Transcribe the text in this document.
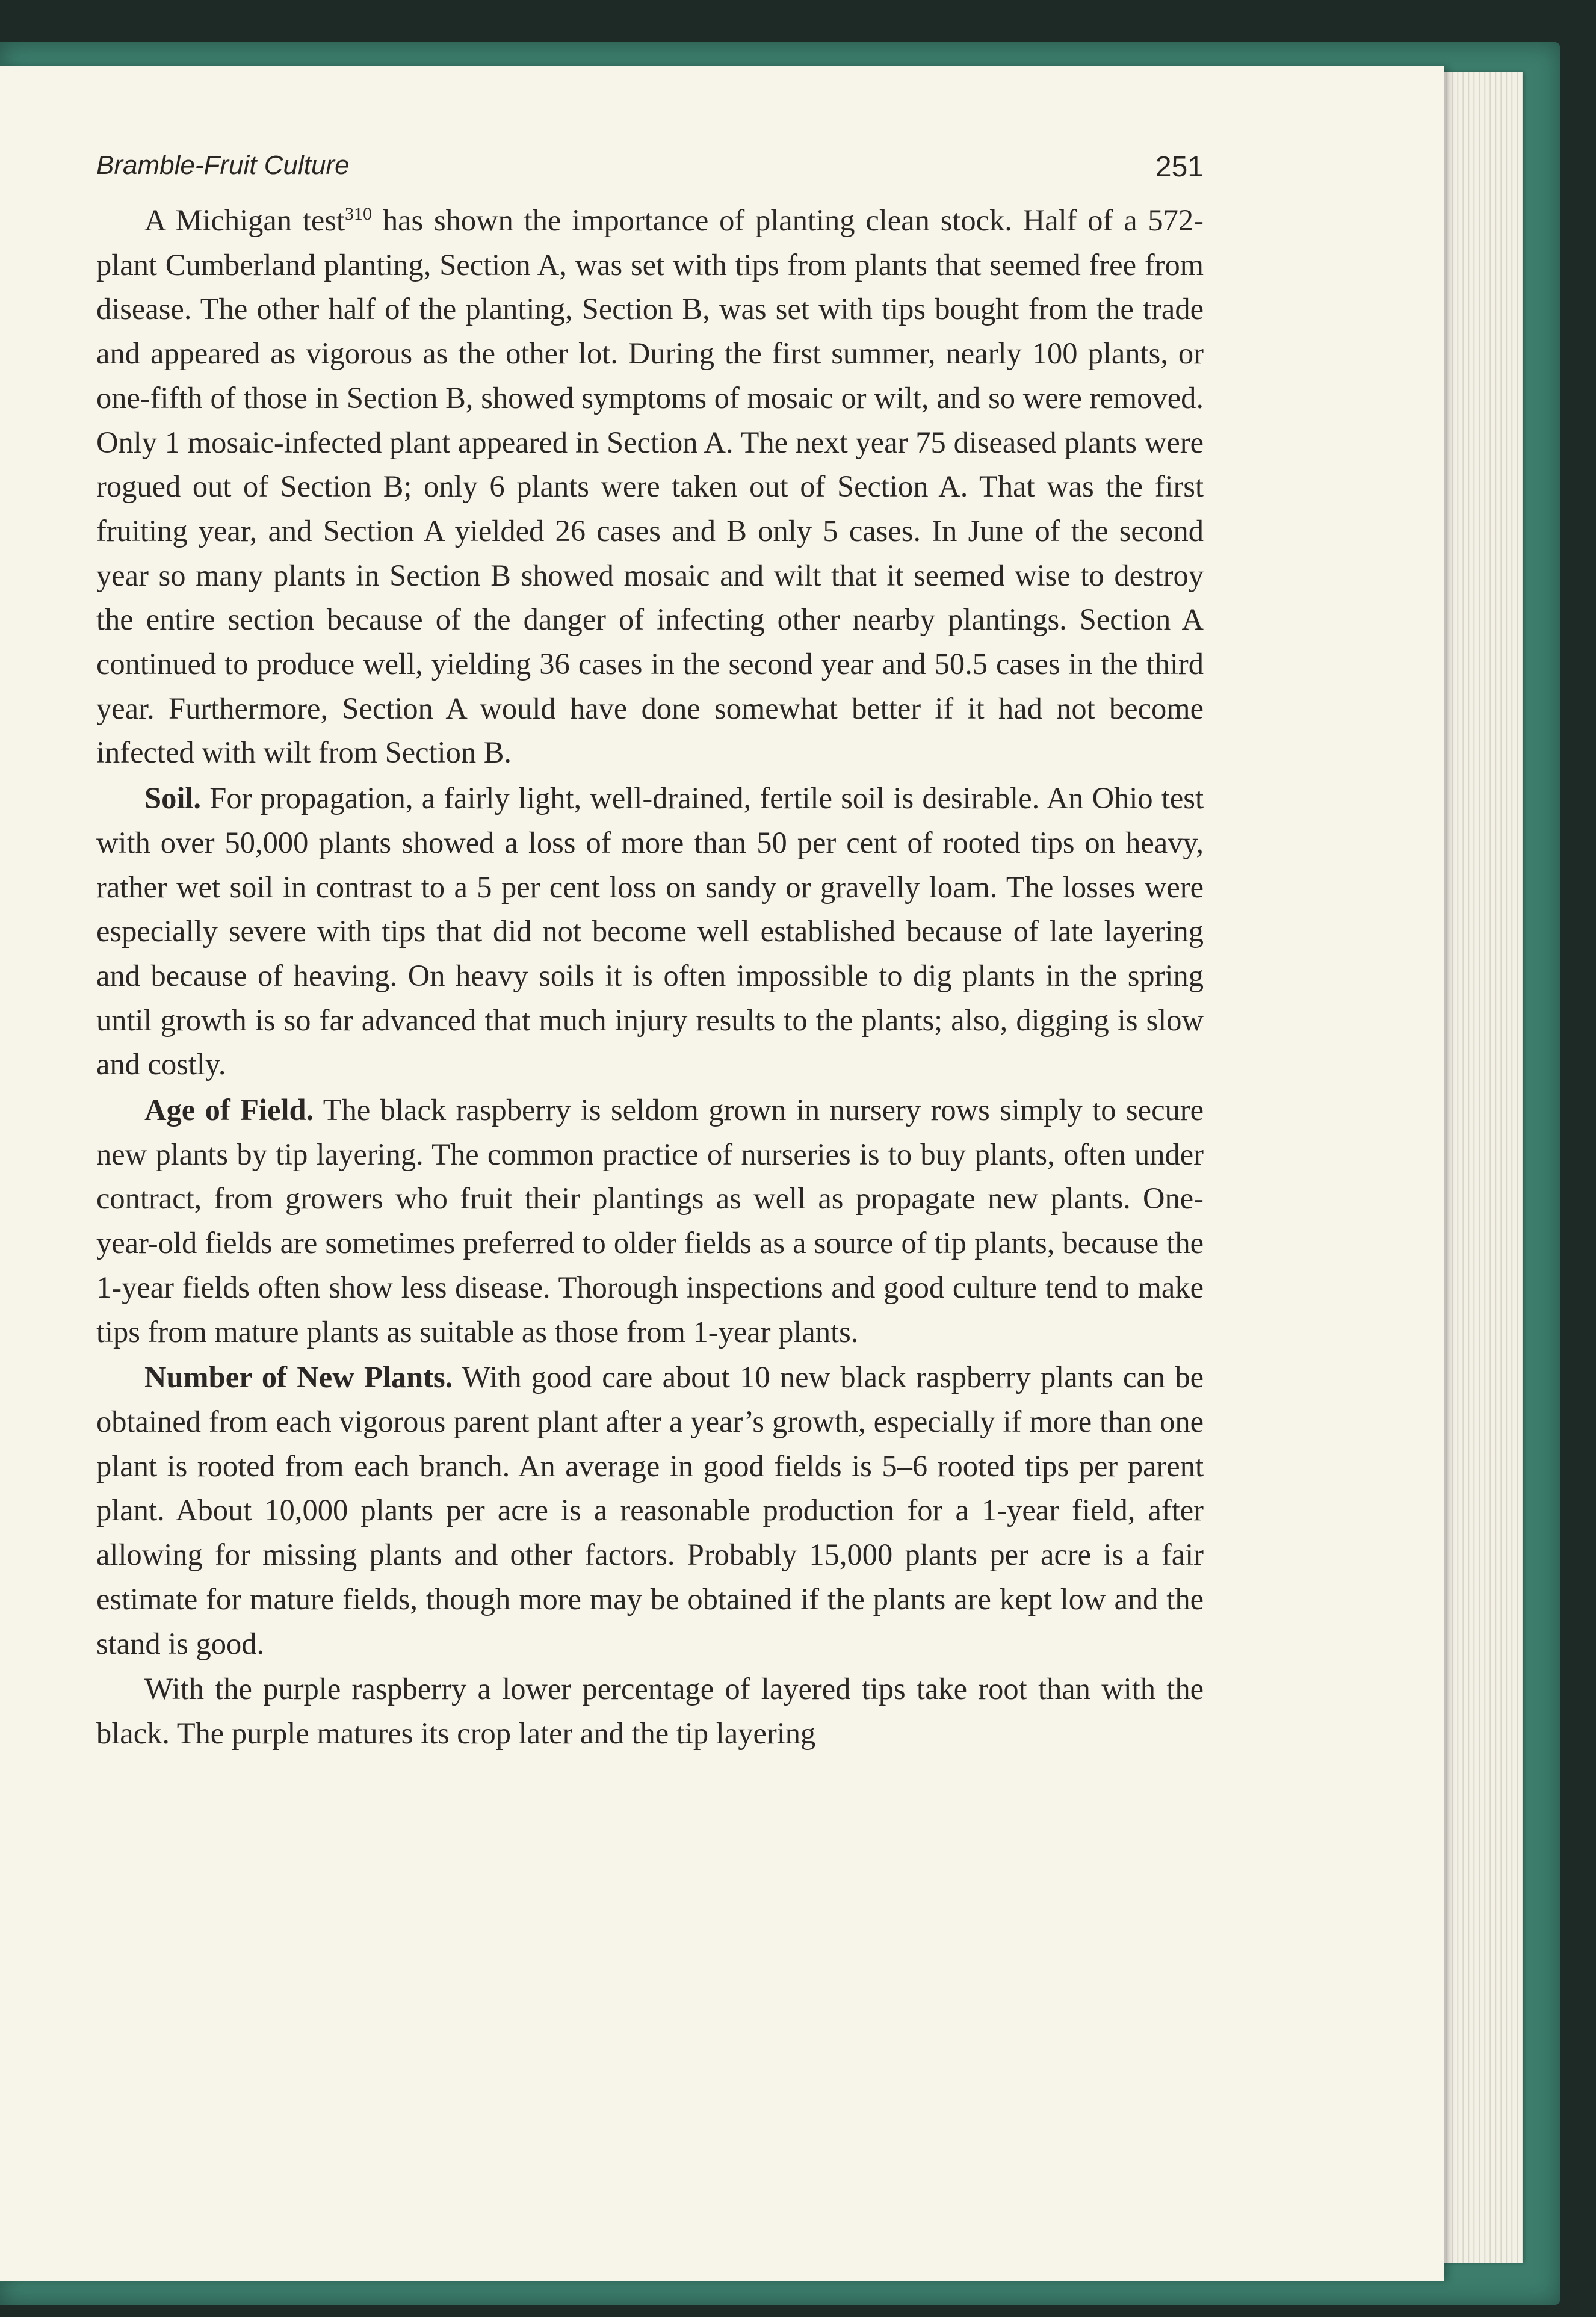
Bramble-Fruit Culture	251

A Michigan test$^{310}$ has shown the importance of planting clean stock. Half of a 572-plant Cumberland planting, Section A, was set with tips from plants that seemed free from disease. The other half of the planting, Section B, was set with tips bought from the trade and appeared as vigorous as the other lot. During the first summer, nearly 100 plants, or one-fifth of those in Section B, showed symptoms of mosaic or wilt, and so were removed. Only 1 mosaic-infected plant appeared in Section A. The next year 75 diseased plants were rogued out of Section B; only 6 plants were taken out of Section A. That was the first fruiting year, and Section A yielded 26 cases and B only 5 cases. In June of the second year so many plants in Section B showed mosaic and wilt that it seemed wise to destroy the entire section because of the danger of infecting other nearby plantings. Section A continued to produce well, yielding 36 cases in the second year and 50.5 cases in the third year. Furthermore, Section A would have done somewhat better if it had not become infected with wilt from Section B.

Soil. For propagation, a fairly light, well-drained, fertile soil is desirable. An Ohio test with over 50,000 plants showed a loss of more than 50 per cent of rooted tips on heavy, rather wet soil in contrast to a 5 per cent loss on sandy or gravelly loam. The losses were especially severe with tips that did not become well established because of late layering and because of heaving. On heavy soils it is often impossible to dig plants in the spring until growth is so far advanced that much injury results to the plants; also, digging is slow and costly.

Age of Field. The black raspberry is seldom grown in nursery rows simply to secure new plants by tip layering. The common practice of nurseries is to buy plants, often under contract, from growers who fruit their plantings as well as propagate new plants. One-year-old fields are sometimes preferred to older fields as a source of tip plants, because the 1-year fields often show less disease. Thorough inspections and good culture tend to make tips from mature plants as suitable as those from 1-year plants.

Number of New Plants. With good care about 10 new black raspberry plants can be obtained from each vigorous parent plant after a year’s growth, especially if more than one plant is rooted from each branch. An average in good fields is 5–6 rooted tips per parent plant. About 10,000 plants per acre is a reasonable production for a 1-year field, after allowing for missing plants and other factors. Probably 15,000 plants per acre is a fair estimate for mature fields, though more may be obtained if the plants are kept low and the stand is good.

With the purple raspberry a lower percentage of layered tips take root than with the black. The purple matures its crop later and the tip layering
